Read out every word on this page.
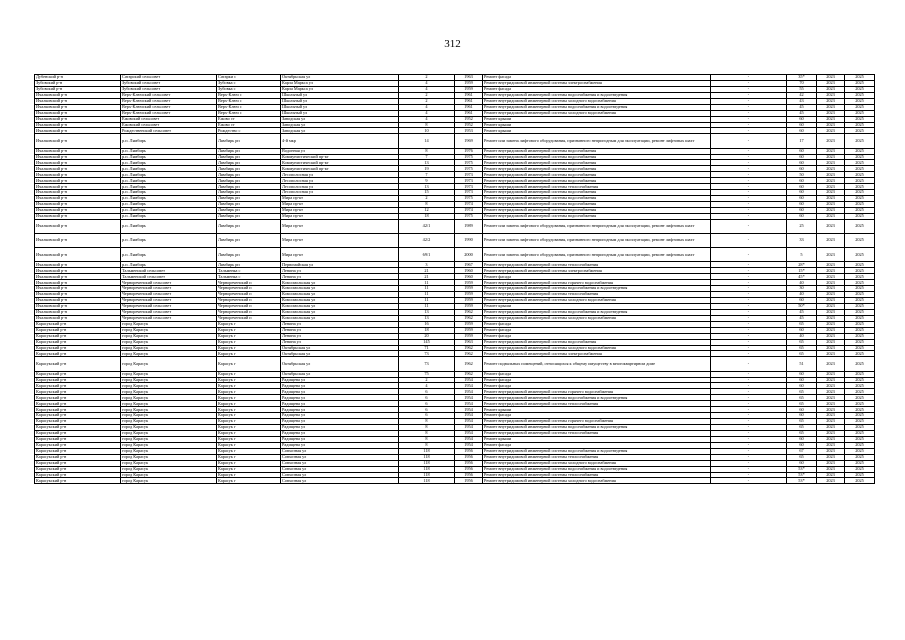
312
Дубенский р-н	Сатарский сельсовет	Сатарки с	Октябрьская ул	2	1963	Ремонт фасада	-	35*	2023	2025
Зубовский р-н	Зубовский сельсовет	Зубовка с	Карла Маркса ул	4	1959	Ремонт внутридомовой инженерной системы электроснабжения	-	70	2023	2025
Зубовский р-н	Зубовский сельсовет	Зубовка с	Карла Маркса ул	4	1959	Ремонт фасада	-	55	2023	2025
Ичалковский р-н	Верх-Ключский сельсовет	Верх-Ключ с	Школьный ул	2	1961	Ремонт внутридомовой инженерной системы водоснабжения и водоотведения	-	42	2023	2025
Ичалковский р-н	Верх-Ключский сельсовет	Верх-Ключ с	Школьный ул	2	1961	Ремонт внутридомовой инженерной системы холодного водоснабжения	-	43	2023	2025
Ичалковский р-н	Верх-Ключский сельсовет	Верх-Ключ с	Школьный ул	4	1961	Ремонт внутридомовой инженерной системы водоснабжения и водоотведения	-	45	2023	2025
Ичалковский р-н	Верх-Ключский сельсовет	Верх-Ключ с	Школьный ул	4	1961	Ремонт внутридомовой инженерной системы холодного водоснабжения	-	45	2023	2025
Ичалковский р-н	Ежовский сельсовет	Ежово ст	Заводская ул	4	1952	Ремонт крыши	-	60	2023	2025
Ичалковский р-н	Ежовский сельсовет	Ежово ст	Заводская ул	8	1952	Ремонт крыши	-	60	2023	2025
Ичалковский р-н	Рождественский сельсовет	Рождество с	Заводская ул	10	1953	Ремонт крыши	-	60	2023	2025
Ичалковский р-н	р.п. Лямбирь	Лямбирь рп	4-й мкр	14	1969	Ремонт или замена лифтового оборудования, признанного непригодным для эксплуатации, ремонт лифтовых шахт	-	17	2023	2025
Ичалковский р-н	р.п. Лямбирь	Лямбирь рп	Водонная ул	8	1976	Ремонт внутридомовой инженерной системы водоснабжения	-	60	2023	2025
Ичалковский р-н	р.п. Лямбирь	Лямбирь рп	Коммунистический пр-кт	7	1975	Ремонт внутридомовой инженерной системы водоснабжения	-	60	2023	2025
Ичалковский р-н	р.п. Лямбирь	Лямбирь рп	Коммунистический пр-кт	13	1975	Ремонт внутридомовой инженерной системы водоснабжения	-	60	2023	2025
Ичалковский р-н	р.п. Лямбирь	Лямбирь рп	Коммунистический пр-кт	19	1975	Ремонт внутридомовой инженерной системы водоснабжения	-	60	2023	2025
Ичалковский р-н	р.п. Лямбирь	Лямбирь рп	Лесополосная ул	7	1973	Ремонт внутридомовой инженерной системы водоснабжения	-	50	2023	2025
Ичалковский р-н	р.п. Лямбирь	Лямбирь рп	Лесополосная ул	9	1973	Ремонт внутридомовой инженерной системы водоснабжения	-	60	2023	2025
Ичалковский р-н	р.п. Лямбирь	Лямбирь рп	Лесополосная ул	13	1973	Ремонт внутридомовой инженерной системы теплоснабжения	-	60	2023	2025
Ичалковский р-н	р.п. Лямбирь	Лямбирь рп	Лесополосная ул	15	1973	Ремонт внутридомовой инженерной системы водоснабжения	-	60	2023	2025
Ичалковский р-н	р.п. Лямбирь	Лямбирь рп	Мира пр-кт	2	1975	Ремонт внутридомовой инженерной системы водоснабжения	-	60	2023	2025
Ичалковский р-н	р.п. Лямбирь	Лямбирь рп	Мира пр-кт	8	1974	Ремонт внутридомовой инженерной системы водоснабжения	-	60	2023	2025
Ичалковский р-н	р.п. Лямбирь	Лямбирь рп	Мира пр-кт	12	1974	Ремонт внутридомовой инженерной системы водоснабжения	-	60	2023	2025
Ичалковский р-н	р.п. Лямбирь	Лямбирь рп	Мира пр-кт	18	1975	Ремонт внутридомовой инженерной системы водоснабжения	-	60	2023	2025
Ичалковский р-н	р.п. Лямбирь	Лямбирь рп	Мира пр-кт	42/1	1989	Ремонт или замена лифтового оборудования, признанного непригодным для эксплуатации, ремонт лифтовых шахт	-	25	2023	2025
Ичалковский р-н	р.п. Лямбирь	Лямбирь рп	Мира пр-кт	42/2	1990	Ремонт или замена лифтового оборудования, признанного непригодным для эксплуатации, ремонт лифтовых шахт	-	33	2023	2025
Ичалковский р-н	р.п. Лямбирь	Лямбирь рп	Мира пр-кт	69/1	2000	Ремонт или замена лифтового оборудования, признанного непригодным для эксплуатации, ремонт лифтовых шахт	-	5	2023	2025
Ичалковский р-н	р.п. Лямбирь	Лямбирь рп	Первомайская ул	3	1967	Ремонт внутридомовой инженерной системы теплоснабжения	-	28*	2023	2025
Ичалковский р-н	Тальменский сельсовет	Тальменка с	Ленина ул	21	1960	Ремонт внутридомовой инженерной системы электроснабжения	-	15*	2023	2025
Ичалковский р-н	Тальменский сельсовет	Тальменка с	Ленина ул	21	1960	Ремонт фасада	-	45*	2023	2025
Ичалковский р-н	Чернореченский сельсовет	Чернореченский п	Комсомольская ул	11	1959	Ремонт внутридомовой инженерной системы горячего водоснабжения	-	40	2023	2025
Ичалковский р-н	Чернореченский сельсовет	Чернореченский п	Комсомольская ул	11	1959	Ремонт внутридомовой инженерной системы водоснабжения и водоотведения	-	30	2023	2025
Ичалковский р-н	Чернореченский сельсовет	Чернореченский п	Комсомольская ул	11	1959	Ремонт внутридомовой инженерной системы теплоснабжения	-	40	2023	2025
Ичалковский р-н	Чернореченский сельсовет	Чернореченский п	Комсомольская ул	11	1959	Ремонт внутридомовой инженерной системы холодного водоснабжения	-	60	2023	2025
Ичалковский р-н	Чернореченский сельсовет	Чернореченский п	Комсомольская ул	11	1959	Ремонт крыши	-	50*	2023	2025
Ичалковский р-н	Чернореченский сельсовет	Чернореченский п	Комсомольская ул	13	1962	Ремонт внутридомовой инженерной системы водоснабжения и водоотведения	-	45	2023	2025
Ичалковский р-н	Чернореченский сельсовет	Чернореченский п	Комсомольская ул	13	1962	Ремонт внутридомовой инженерной системы холодного водоснабжения	-	45	2023	2025
Карасукский р-н	город Карасук	Карасук г	Ленина ул	16	1959	Ремонт фасада	-	65	2023	2025
Карасукский р-н	город Карасук	Карасук г	Ленина ул	18	1959	Ремонт фасада	-	60	2023	2025
Карасукский р-н	город Карасук	Карасук г	Ленина ул	20	1959	Ремонт фасада	-	40	2023	2025
Карасукский р-н	город Карасук	Карасук г	Ленина ул	145	1963	Ремонт внутридомовой инженерной системы водоснабжения	-	65	2023	2025
Карасукский р-н	город Карасук	Карасук г	Октябрьская ул	71	1962	Ремонт внутридомовой инженерной системы холодного водоснабжения	-	65	2023	2025
Карасукский р-н	город Карасук	Карасук г	Октябрьская ул	73	1962	Ремонт внутридомовой инженерной системы электроснабжения	-	65	2023	2025
Карасукский р-н	город Карасук	Карасук г	Октябрьская ул	73	1962	Ремонт подвальных помещений, относящихся к общему имуществу в многоквартирном доме	-	51	2023	2025
Карасукский р-н	город Карасук	Карасук г	Октябрьская ул	75	1962	Ремонт фасада	-	60	2023	2025
Карасукский р-н	город Карасук	Карасук г	Радищева ул	2	1954	Ремонт фасада	-	60	2023	2025
Карасукский р-н	город Карасук	Карасук г	Радищева ул	4	1954	Ремонт фасада	-	60	2023	2025
Карасукский р-н	город Карасук	Карасук г	Радищева ул	6	1954	Ремонт внутридомовой инженерной системы горячего водоснабжения	-	65	2023	2025
Карасукский р-н	город Карасук	Карасук г	Радищева ул	6	1954	Ремонт внутридомовой инженерной системы водоснабжения и водоотведения	-	65	2023	2025
Карасукский р-н	город Карасук	Карасук г	Радищева ул	6	1954	Ремонт внутридомовой инженерной системы теплоснабжения	-	65	2023	2025
Карасукский р-н	город Карасук	Карасук г	Радищева ул	6	1954	Ремонт крыши	-	60	2023	2025
Карасукский р-н	город Карасук	Карасук г	Радищева ул	6	1954	Ремонт фасада	-	60	2023	2025
Карасукский р-н	город Карасук	Карасук г	Радищева ул	8	1954	Ремонт внутридомовой инженерной системы горячего водоснабжения	-	65	2023	2025
Карасукский р-н	город Карасук	Карасук г	Радищева ул	8	1954	Ремонт внутридомовой инженерной системы водоснабжения и водоотведения	-	65	2023	2025
Карасукский р-н	город Карасук	Карасук г	Радищева ул	8	1954	Ремонт внутридомовой инженерной системы теплоснабжения	-	65	2023	2025
Карасукский р-н	город Карасук	Карасук г	Радищева ул	8	1954	Ремонт крыши	-	60	2023	2025
Карасукский р-н	город Карасук	Карасук г	Радищева ул	8	1954	Ремонт фасада	-	60	2023	2025
Карасукский р-н	город Карасук	Карасук г	Совхозная ул	118	1956	Ремонт внутридомовой инженерной системы водоснабжения и водоотведения	-	67	2023	2025
Карасукский р-н	город Карасук	Карасук г	Совхозная ул	118	1956	Ремонт внутридомовой инженерной системы теплоснабжения	-	65	2023	2025
Карасукский р-н	город Карасук	Карасук г	Совхозная ул	118	1956	Ремонт внутридомовой инженерной системы холодного водоснабжения	-	60	2023	2025
Карасукский р-н	город Карасук	Карасук г	Совхозная ул	118	1956	Ремонт внутридомовой инженерной системы водоснабжения и водоотведения	-	53*	2023	2025
Карасукский р-н	город Карасук	Карасук г	Совхозная ул	118	1956	Ремонт внутридомовой инженерной системы теплоснабжения	-	53*	2023	2025
Карасукский р-н	город Карасук	Карасук г	Совхозная ул	118	1956	Ремонт внутридомовой инженерной системы холодного водоснабжения	-	53*	2023	2025
